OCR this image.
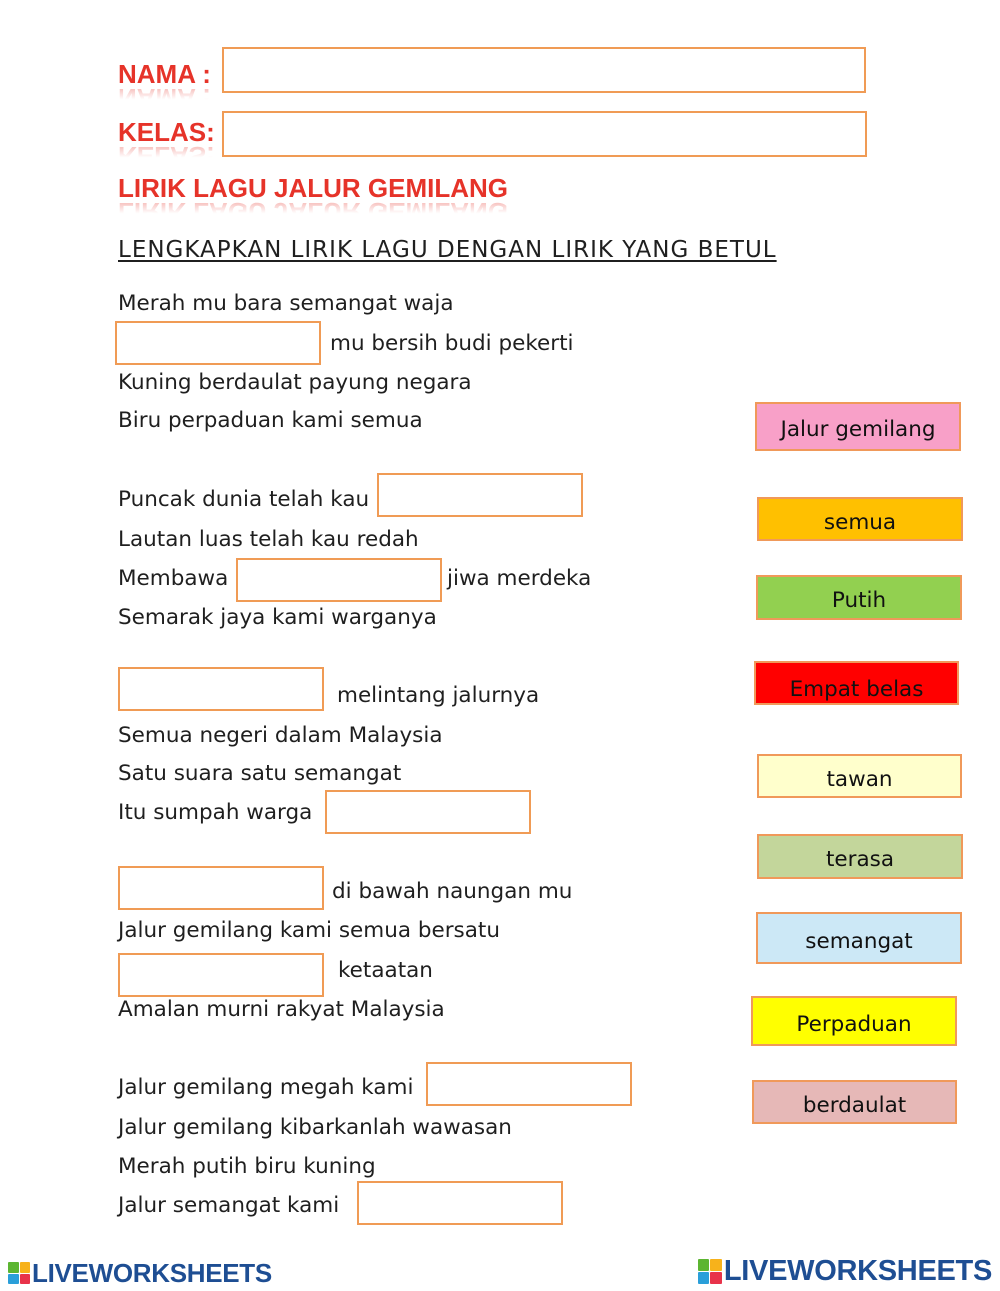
NAMA :
KELAS:
LIRIK LAGU JALUR GEMILANG
LENGKAPKAN LIRIK LAGU DENGAN LIRIK YANG BETUL
Merah mu bara semangat waja
mu bersih budi pekerti
Kuning berdaulat payung negara
Biru perpaduan kami semua
Puncak dunia telah kau
Lautan luas telah kau redah
Membawa	jiwa merdeka
Semarak jaya kami warganya
melintang jalurnya
Semua negeri dalam Malaysia
Satu suara satu semangat
Itu sumpah warga
di bawah naungan mu
Jalur gemilang kami semua bersatu
ketaatan
Amalan murni rakyat Malaysia
Jalur gemilang megah kami
Jalur gemilang kibarkanlah wawasan
Merah putih biru kuning
Jalur semangat kami
Jalur gemilang
semua
Putih
Empat belas
tawan
terasa
semangat
Perpaduan
berdaulat
LIVEWORKSHEETS	LIVEWORKSHEETS
